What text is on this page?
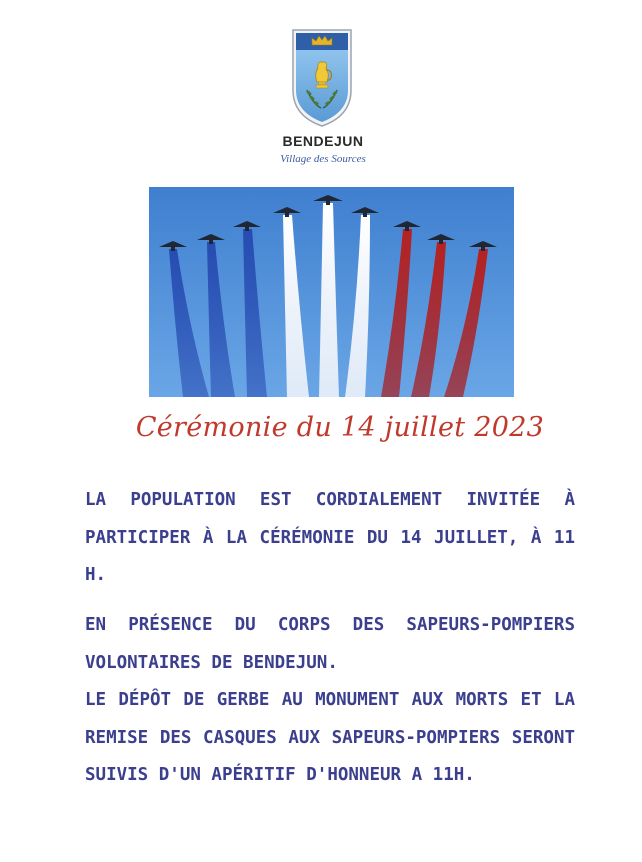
BENDEJUN
Village des Sources
Cérémonie du 14 juillet 2023
LA POPULATION EST CORDIALEMENT INVITÉE À PARTICIPER À LA CÉRÉMONIE DU 14 JUILLET, À 11 H.
EN PRÉSENCE DU CORPS DES SAPEURS-POMPIERS VOLONTAIRES DE BENDEJUN.
LE DÉPÔT DE GERBE AU MONUMENT AUX MORTS ET LA REMISE DES CASQUES AUX SAPEURS-POMPIERS SERONT SUIVIS D'UN APÉRITIF D'HONNEUR A 11H.
